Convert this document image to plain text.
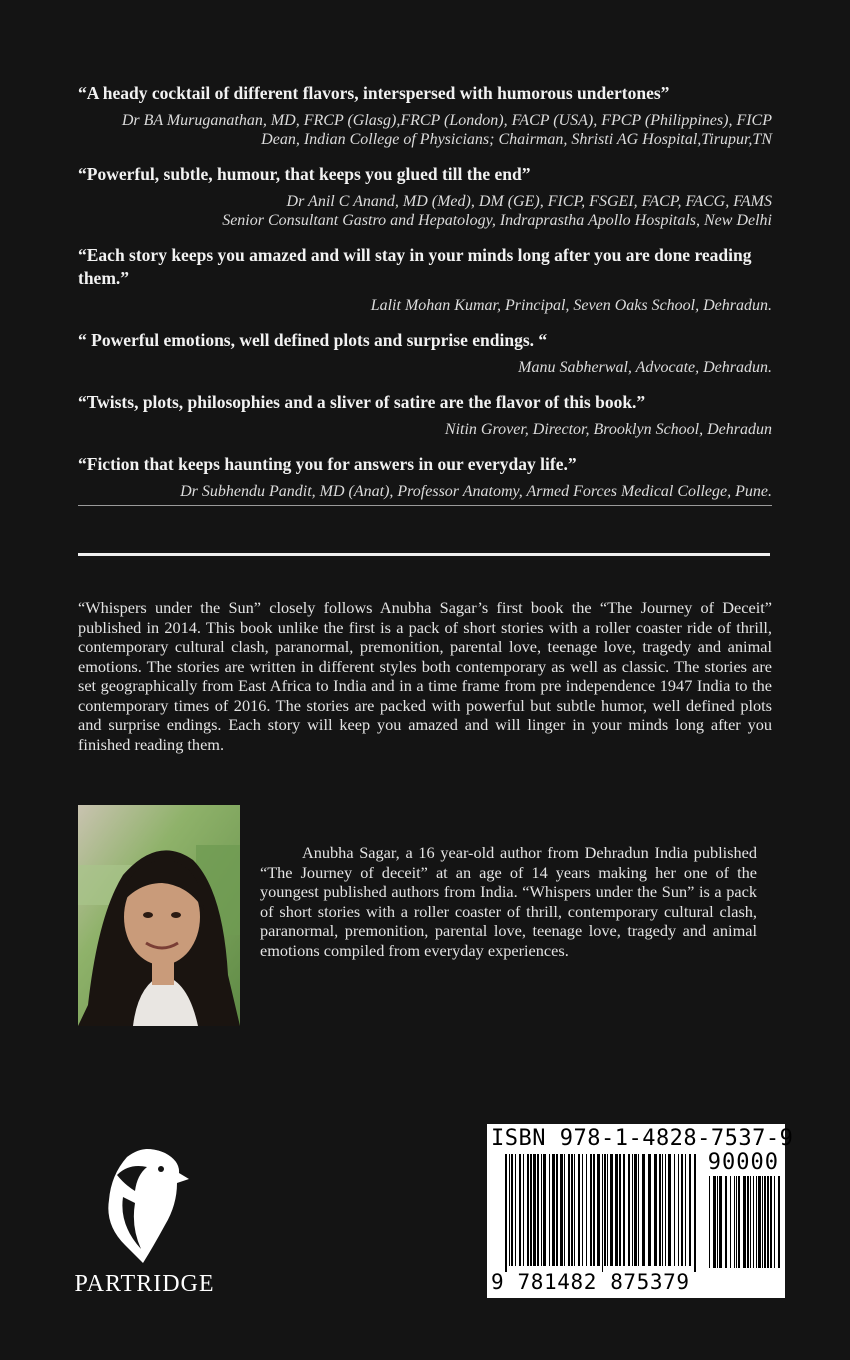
“A heady cocktail of different flavors, interspersed with humorous undertones”
Dr BA Muruganathan, MD, FRCP (Glasg),FRCP (London), FACP (USA), FPCP (Philippines), FICP
Dean, Indian College of Physicians; Chairman, Shristi AG Hospital,Tirupur,TN
“Powerful, subtle, humour, that keeps you glued till the end”
Dr Anil C Anand, MD (Med), DM (GE), FICP, FSGEI, FACP, FACG, FAMS
Senior Consultant Gastro and Hepatology, Indraprastha Apollo Hospitals, New Delhi
“Each story keeps you amazed and will stay in your minds long after you are done reading them.”
Lalit Mohan Kumar, Principal, Seven Oaks School, Dehradun.
“ Powerful emotions, well defined plots and surprise endings. “
Manu Sabherwal, Advocate, Dehradun.
“Twists, plots, philosophies and a sliver of satire are the flavor of this book.”
Nitin Grover, Director, Brooklyn School, Dehradun
“Fiction that keeps haunting you for answers in our everyday life.”
Dr Subhendu Pandit, MD (Anat), Professor Anatomy, Armed Forces Medical College, Pune.
“Whispers under the Sun” closely follows Anubha Sagar’s first book the “The Journey of Deceit” published in 2014. This book unlike the first is a pack of short stories with a roller coaster ride of thrill, contemporary cultural clash, paranormal, premonition, parental love, teenage love, tragedy and animal emotions. The stories are written in different styles both contemporary as well as classic. The stories are set geographically from East Africa to India and in a time frame from pre independence 1947 India to the contemporary times of 2016. The stories are packed with powerful but subtle humor, well defined plots and surprise endings. Each story will keep you amazed and will linger in your minds long after you finished reading them.
Anubha Sagar, a 16 year-old author from Dehradun India published “The Journey of deceit” at an age of 14 years making her one of the youngest published authors from India. “Whispers under the Sun” is a pack of short stories with a roller coaster of thrill, contemporary cultural clash, paranormal, premonition, parental love, teenage love, tragedy and animal emotions compiled from everyday experiences.
PARTRIDGE
ISBN 978-1-4828-7537-9
90000
9 781482 875379
